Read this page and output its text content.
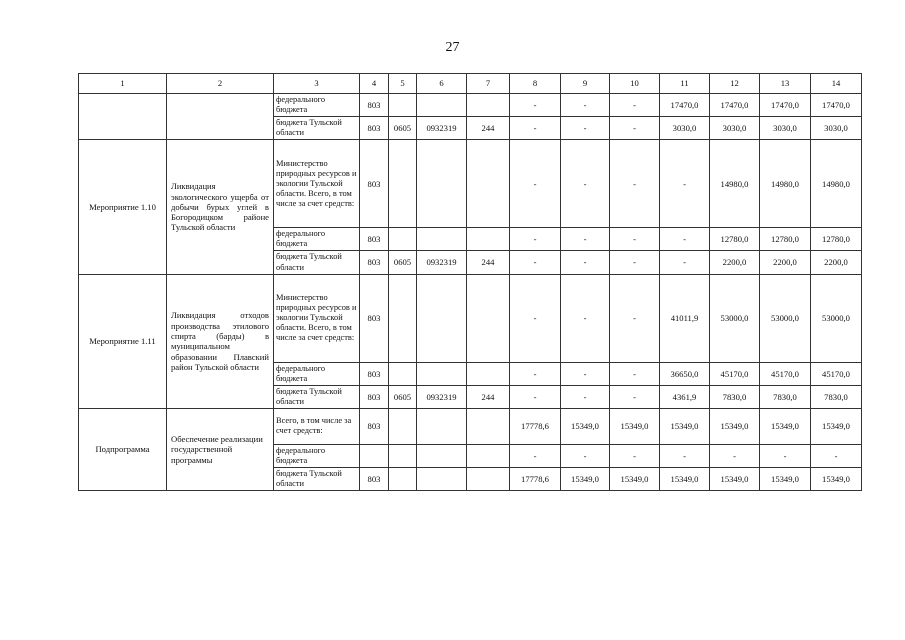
27
1	2	3	4	5	6	7	8	9	10	11	12	13	14
		федерального бюджета	803				-	-	-	17470,0	17470,0	17470,0	17470,0
		бюджета Тульской области	803	0605	0932319	244	-	-	-	3030,0	3030,0	3030,0	3030,0
Мероприятие 1.10	Ликвидация экологического ущерба от добычи бурых углей в Богородицком районе Тульской области	Министерство природных ресурсов и экологии Тульской области. Всего, в том числе за счет средств:	803				-	-	-	-	14980,0	14980,0	14980,0
		федерального бюджета	803				-	-	-	-	12780,0	12780,0	12780,0
		бюджета Тульской области	803	0605	0932319	244	-	-	-	-	2200,0	2200,0	2200,0
Мероприятие 1.11	Ликвидация отходов производства этилового спирта (барды) в муниципальном образовании Плавский район Тульской области	Министерство природных ресурсов и экологии Тульской области. Всего, в том числе за счет средств:	803				-	-	-	41011,9	53000,0	53000,0	53000,0
		федерального бюджета	803				-	-	-	36650,0	45170,0	45170,0	45170,0
		бюджета Тульской области	803	0605	0932319	244	-	-	-	4361,9	7830,0	7830,0	7830,0
Подпрограмма	Обеспечение реализации государственной программы	Всего, в том числе за счет средств:	803				17778,6	15349,0	15349,0	15349,0	15349,0	15349,0	15349,0
		федерального бюджета					-	-	-	-	-	-	-
		бюджета Тульской области	803				17778,6	15349,0	15349,0	15349,0	15349,0	15349,0	15349,0
